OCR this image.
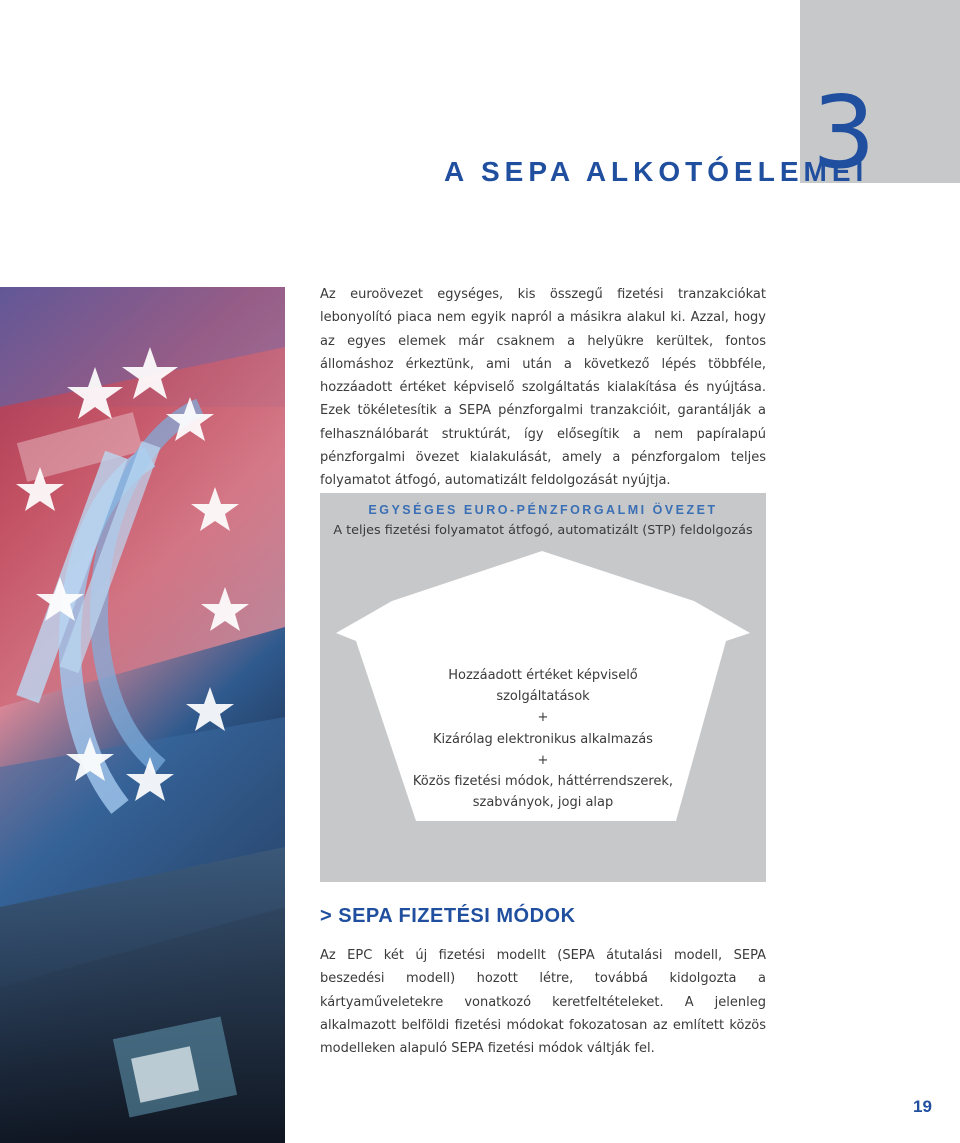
3
A SEPA ALKOTÓELEMEI
Az euroövezet egységes, kis összegű fizetési tranzakciókat lebonyolító piaca nem egyik napról a másikra alakul ki. Azzal, hogy az egyes elemek már csaknem a helyükre kerültek, fontos állomáshoz érkeztünk, ami után a következő lépés többféle, hozzáadott értéket képviselő szolgáltatás kialakítása és nyújtása. Ezek tökéletesítik a SEPA pénzforgalmi tranzakcióit, garantálják a felhasználóbarát struktúrát, így elősegítik a nem papíralapú pénzforgalmi övezet kialakulását, amely a pénzforgalom teljes folyamatot átfogó, automatizált feldolgozását nyújtja.
EGYSÉGES EURO-PÉNZFORGALMI ÖVEZET
A teljes fizetési folyamatot átfogó, automatizált (STP) feldolgozás
Hozzáadott értéket képviselő
szolgáltatások
+
Kizárólag elektronikus alkalmazás
+
Közös fizetési módok, háttérrendszerek,
szabványok, jogi alap
> SEPA FIZETÉSI MÓDOK
Az EPC két új fizetési modellt (SEPA átutalási modell, SEPA beszedési modell) hozott létre, továbbá kidolgozta a kártyaműveletekre vonatkozó keretfeltételeket. A jelenleg alkalmazott belföldi fizetési módokat fokozatosan az említett közös modelleken alapuló SEPA fizetési módok váltják fel.
19
